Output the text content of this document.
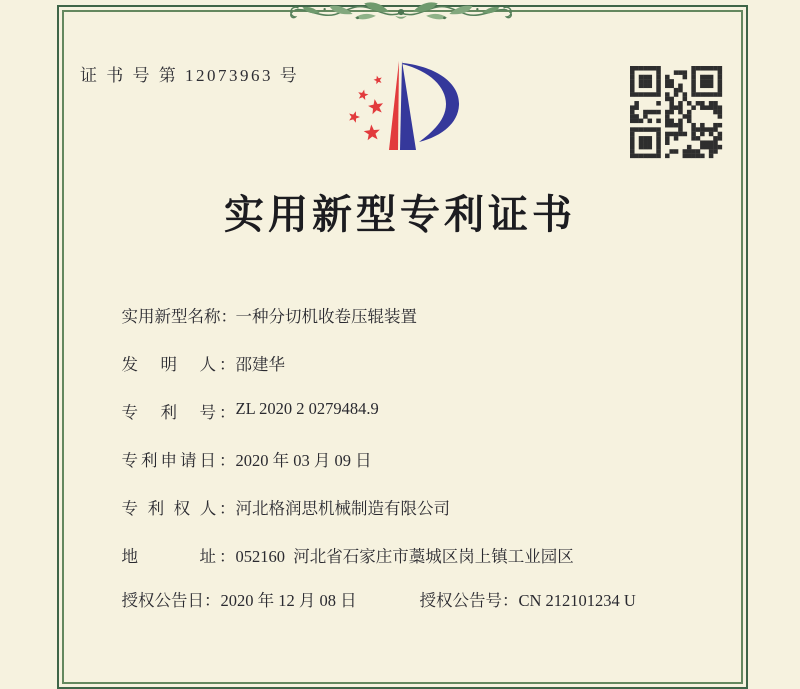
证 书 号 第 12073963 号
实用新型专利证书

实用新型名称：一种分切机收卷压辊装置

发　明　人：邵建华

专　利　号：ZL 2020 2 0279484.9

专利申请日：2020 年 03 月 09 日

专 利 权 人：河北格润思机械制造有限公司

地　　　址：052160  河北省石家庄市藁城区岗上镇工业园区

授权公告日：2020 年 12 月 08 日
	授权公告号：CN 212101234 U
